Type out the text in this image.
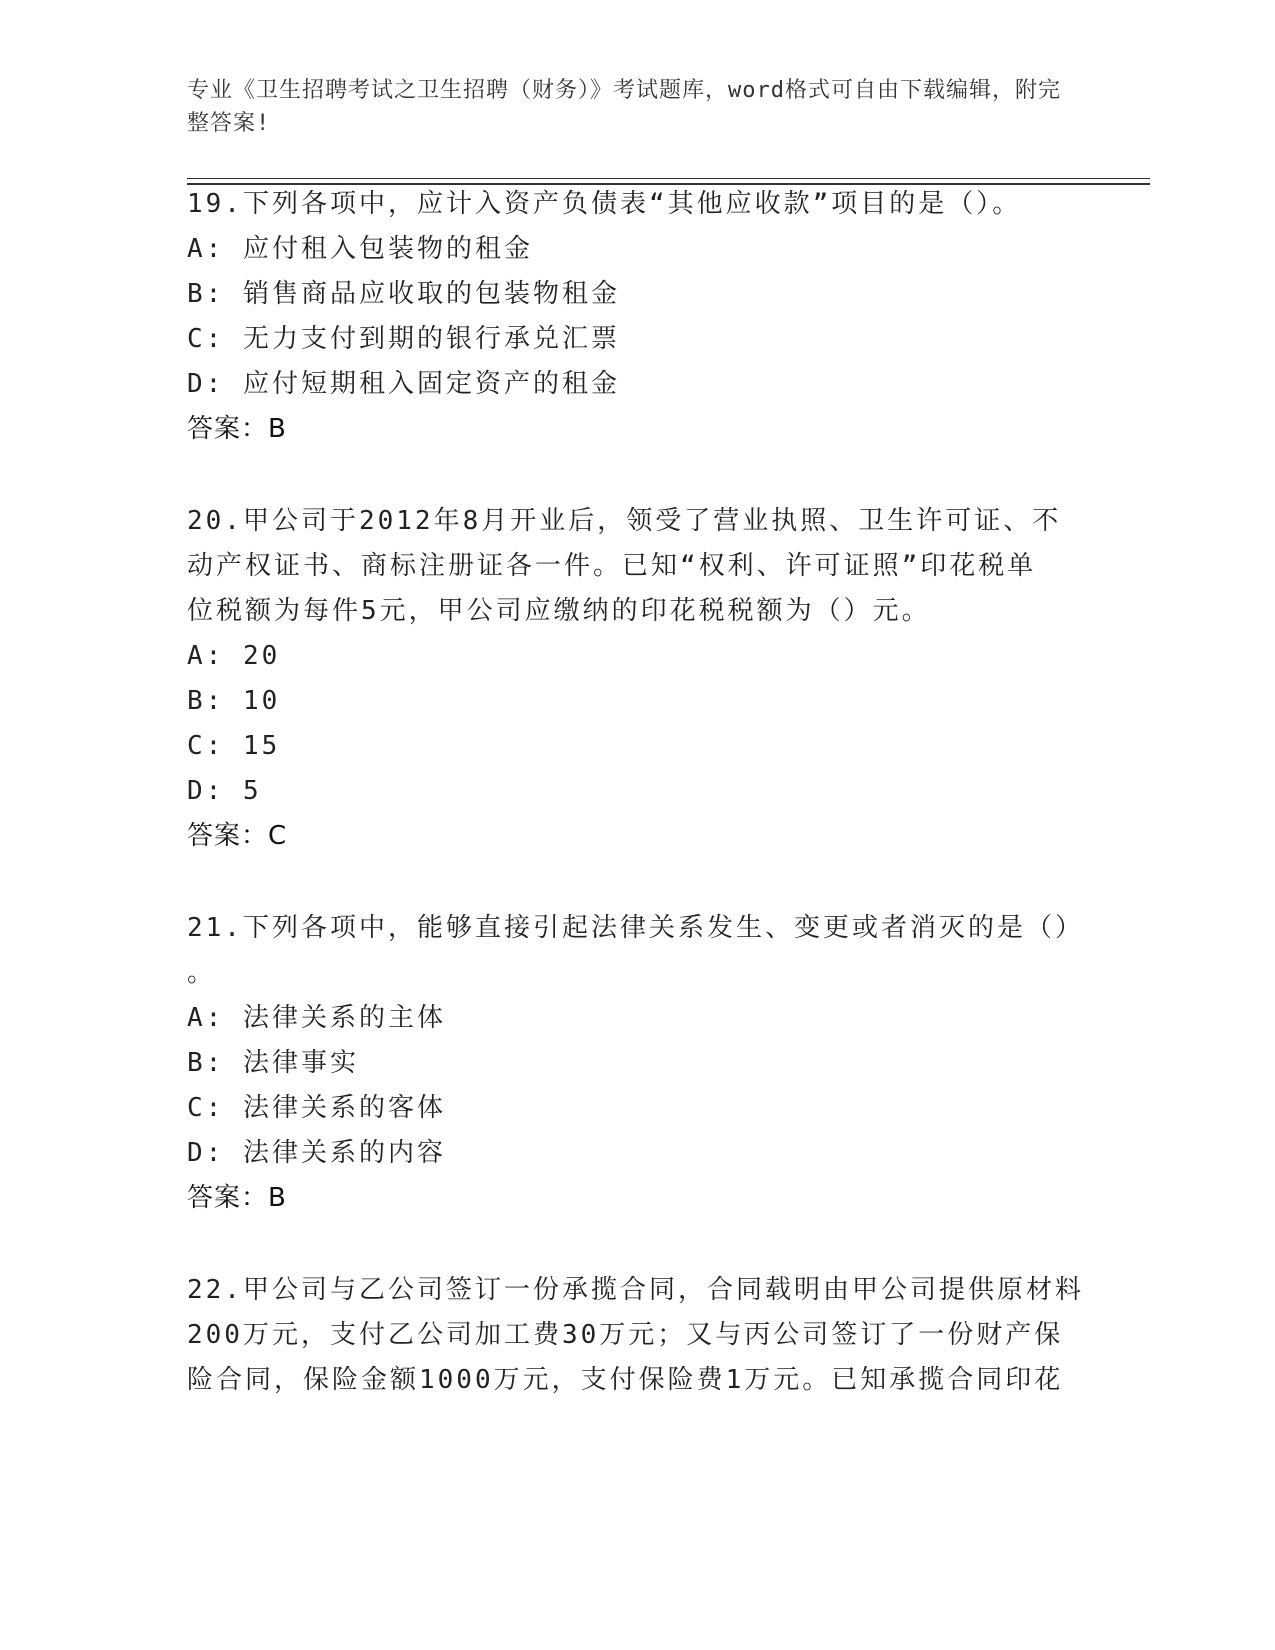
专业《卫生招聘考试之卫生招聘（财务）》考试题库，word格式可自由下载编辑，附完整答案!
19.下列各项中，应计入资产负债表“其他应收款”项目的是（）。
A: 应付租入包装物的租金
B: 销售商品应收取的包装物租金
C: 无力支付到期的银行承兑汇票
D: 应付短期租入固定资产的租金
答案：B
20.甲公司于2012年8月开业后，领受了营业执照、卫生许可证、不
动产权证书、商标注册证各一件。已知“权利、许可证照”印花税单
位税额为每件5元，甲公司应缴纳的印花税税额为（）元。
A: 20
B: 10
C: 15
D: 5
答案：C
21.下列各项中，能够直接引起法律关系发生、变更或者消灭的是（）
。
A: 法律关系的主体
B: 法律事实
C: 法律关系的客体
D: 法律关系的内容
答案：B
22.甲公司与乙公司签订一份承揽合同，合同载明由甲公司提供原材料
200万元，支付乙公司加工费30万元；又与丙公司签订了一份财产保
险合同，保险金额1000万元，支付保险费1万元。已知承揽合同印花
